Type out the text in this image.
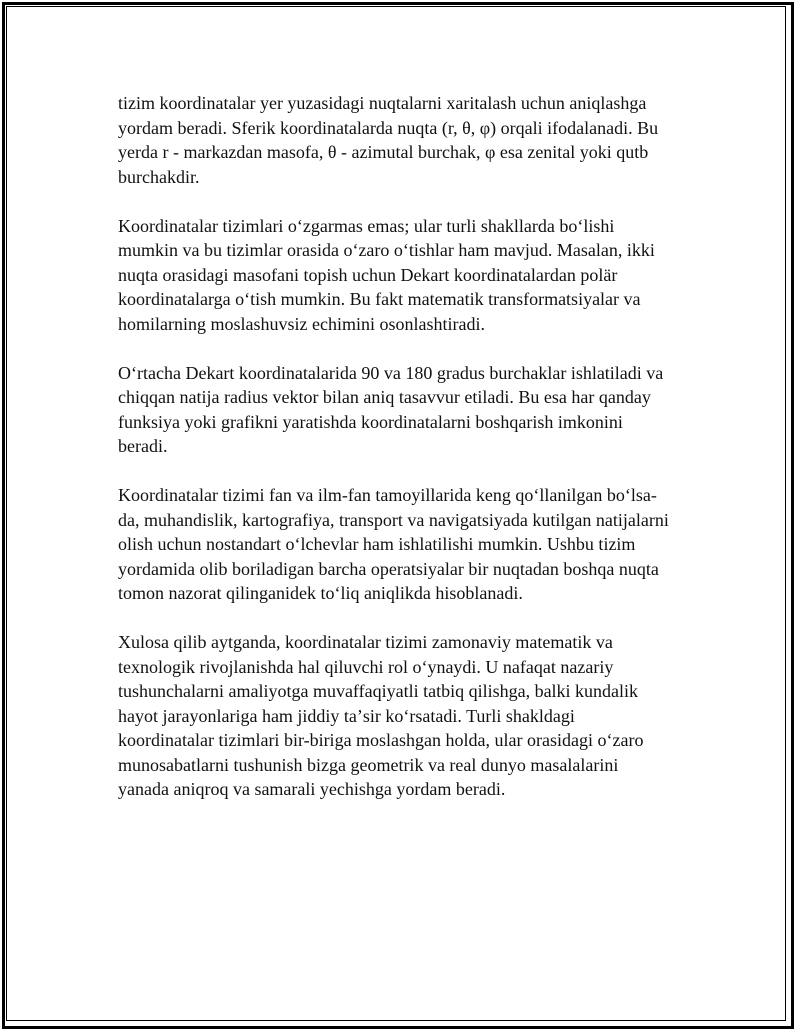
tizim koordinatalar yer yuzasidagi nuqtalarni xaritalash uchun aniqlashga
yordam beradi. Sferik koordinatalarda nuqta (r, θ, φ) orqali ifodalanadi. Bu
yerda r - markazdan masofa, θ - azimutal burchak, φ esa zenital yoki qutb
burchakdir.

Koordinatalar tizimlari oʻzgarmas emas; ular turli shakllarda boʻlishi
mumkin va bu tizimlar orasida oʻzaro oʻtishlar ham mavjud. Masalan, ikki
nuqta orasidagi masofani topish uchun Dekart koordinatalardan polär
koordinatalarga oʻtish mumkin. Bu fakt matematik transformatsiyalar va
homilarning moslashuvsiz echimini osonlashtiradi.

Oʻrtacha Dekart koordinatalarida 90 va 180 gradus burchaklar ishlatiladi va
chiqqan natija radius vektor bilan aniq tasavvur etiladi. Bu esa har qanday
funksiya yoki grafikni yaratishda koordinatalarni boshqarish imkonini
beradi.

Koordinatalar tizimi fan va ilm-fan tamoyillarida keng qoʻllanilgan boʻlsa-
da, muhandislik, kartografiya, transport va navigatsiyada kutilgan natijalarni
olish uchun nostandart oʻlchevlar ham ishlatilishi mumkin. Ushbu tizim
yordamida olib boriladigan barcha operatsiyalar bir nuqtadan boshqa nuqta
tomon nazorat qilinganidek toʻliq aniqlikda hisoblanadi.

Xulosa qilib aytganda, koordinatalar tizimi zamonaviy matematik va
texnologik rivojlanishda hal qiluvchi rol oʻynaydi. U nafaqat nazariy
tushunchalarni amaliyotga muvaffaqiyatli tatbiq qilishga, balki kundalik
hayot jarayonlariga ham jiddiy taʼsir koʻrsatadi. Turli shakldagi
koordinatalar tizimlari bir-biriga moslashgan holda, ular orasidagi oʻzaro
munosabatlarni tushunish bizga geometrik va real dunyo masalalarini
yanada aniqroq va samarali yechishga yordam beradi.
